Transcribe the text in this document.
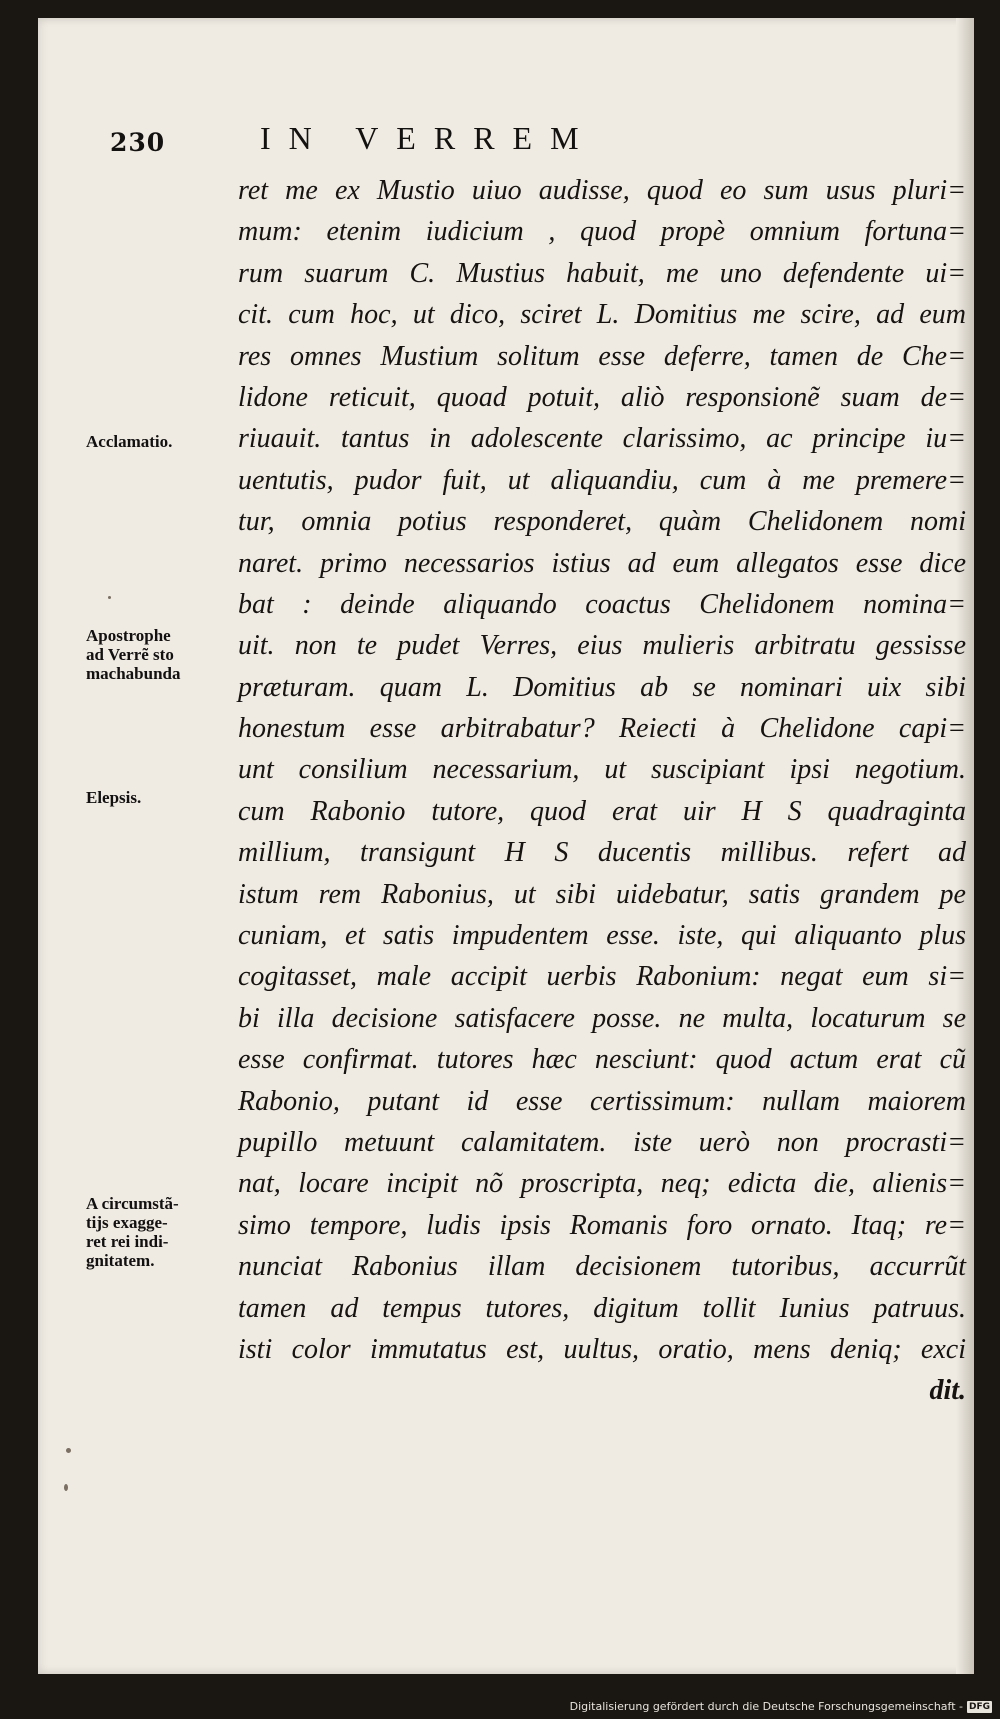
230	IN VERREM
ret me ex Mustio uiuo audisse, quod eo sum usus pluri=
mum: etenim iudicium , quod propè omnium fortuna=
rum suarum C. Mustius habuit, me uno defendente ui=
cit. cum hoc, ut dico, sciret L. Domitius me scire, ad eum
res omnes Mustium solitum esse deferre, tamen de Che=
lidone reticuit, quoad potuit, aliò responsionẽ suam de=
riuauit. tantus in adolescente clarissimo, ac principe iu=
uentutis, pudor fuit, ut aliquandiu, cum à me premere=
tur, omnia potius responderet, quàm Chelidonem nomi
naret. primo necessarios istius ad eum allegatos esse dice
bat : deinde aliquando coactus Chelidonem nomina=
uit. non te pudet Verres, eius mulieris arbitratu gessisse
præturam. quam L. Domitius ab se nominari uix sibi
honestum esse arbitrabatur? Reiecti à Chelidone capi=
unt consilium necessarium, ut suscipiant ipsi negotium.
cum Rabonio tutore, quod erat uir H S quadraginta
millium, transigunt H S ducentis millibus. refert ad
istum rem Rabonius, ut sibi uidebatur, satis grandem pe
cuniam, et satis impudentem esse. iste, qui aliquanto plus
cogitasset, male accipit uerbis Rabonium: negat eum si=
bi illa decisione satisfacere posse. ne multa, locaturum se
esse confirmat. tutores hæc nesciunt: quod actum erat cũ
Rabonio, putant id esse certissimum: nullam maiorem
pupillo metuunt calamitatem. iste uerò non procrasti=
nat, locare incipit nõ proscripta, neq; edicta die, alienis=
simo tempore, ludis ipsis Romanis foro ornato. Itaq; re=
nunciat Rabonius illam decisionem tutoribus, accurrũt
tamen ad tempus tutores, digitum tollit Iunius patruus.
isti color immutatus est, uultus, oratio, mens deniq; exci
dit.
Acclamatio.
Apostrophe
ad Verrẽ sto
machabunda
Elepsis.
A circumstã-
tijs exagge-
ret rei indi-
gnitatem.
Digitalisierung gefördert durch die Deutsche Forschungsgemeinschaft - DFG
